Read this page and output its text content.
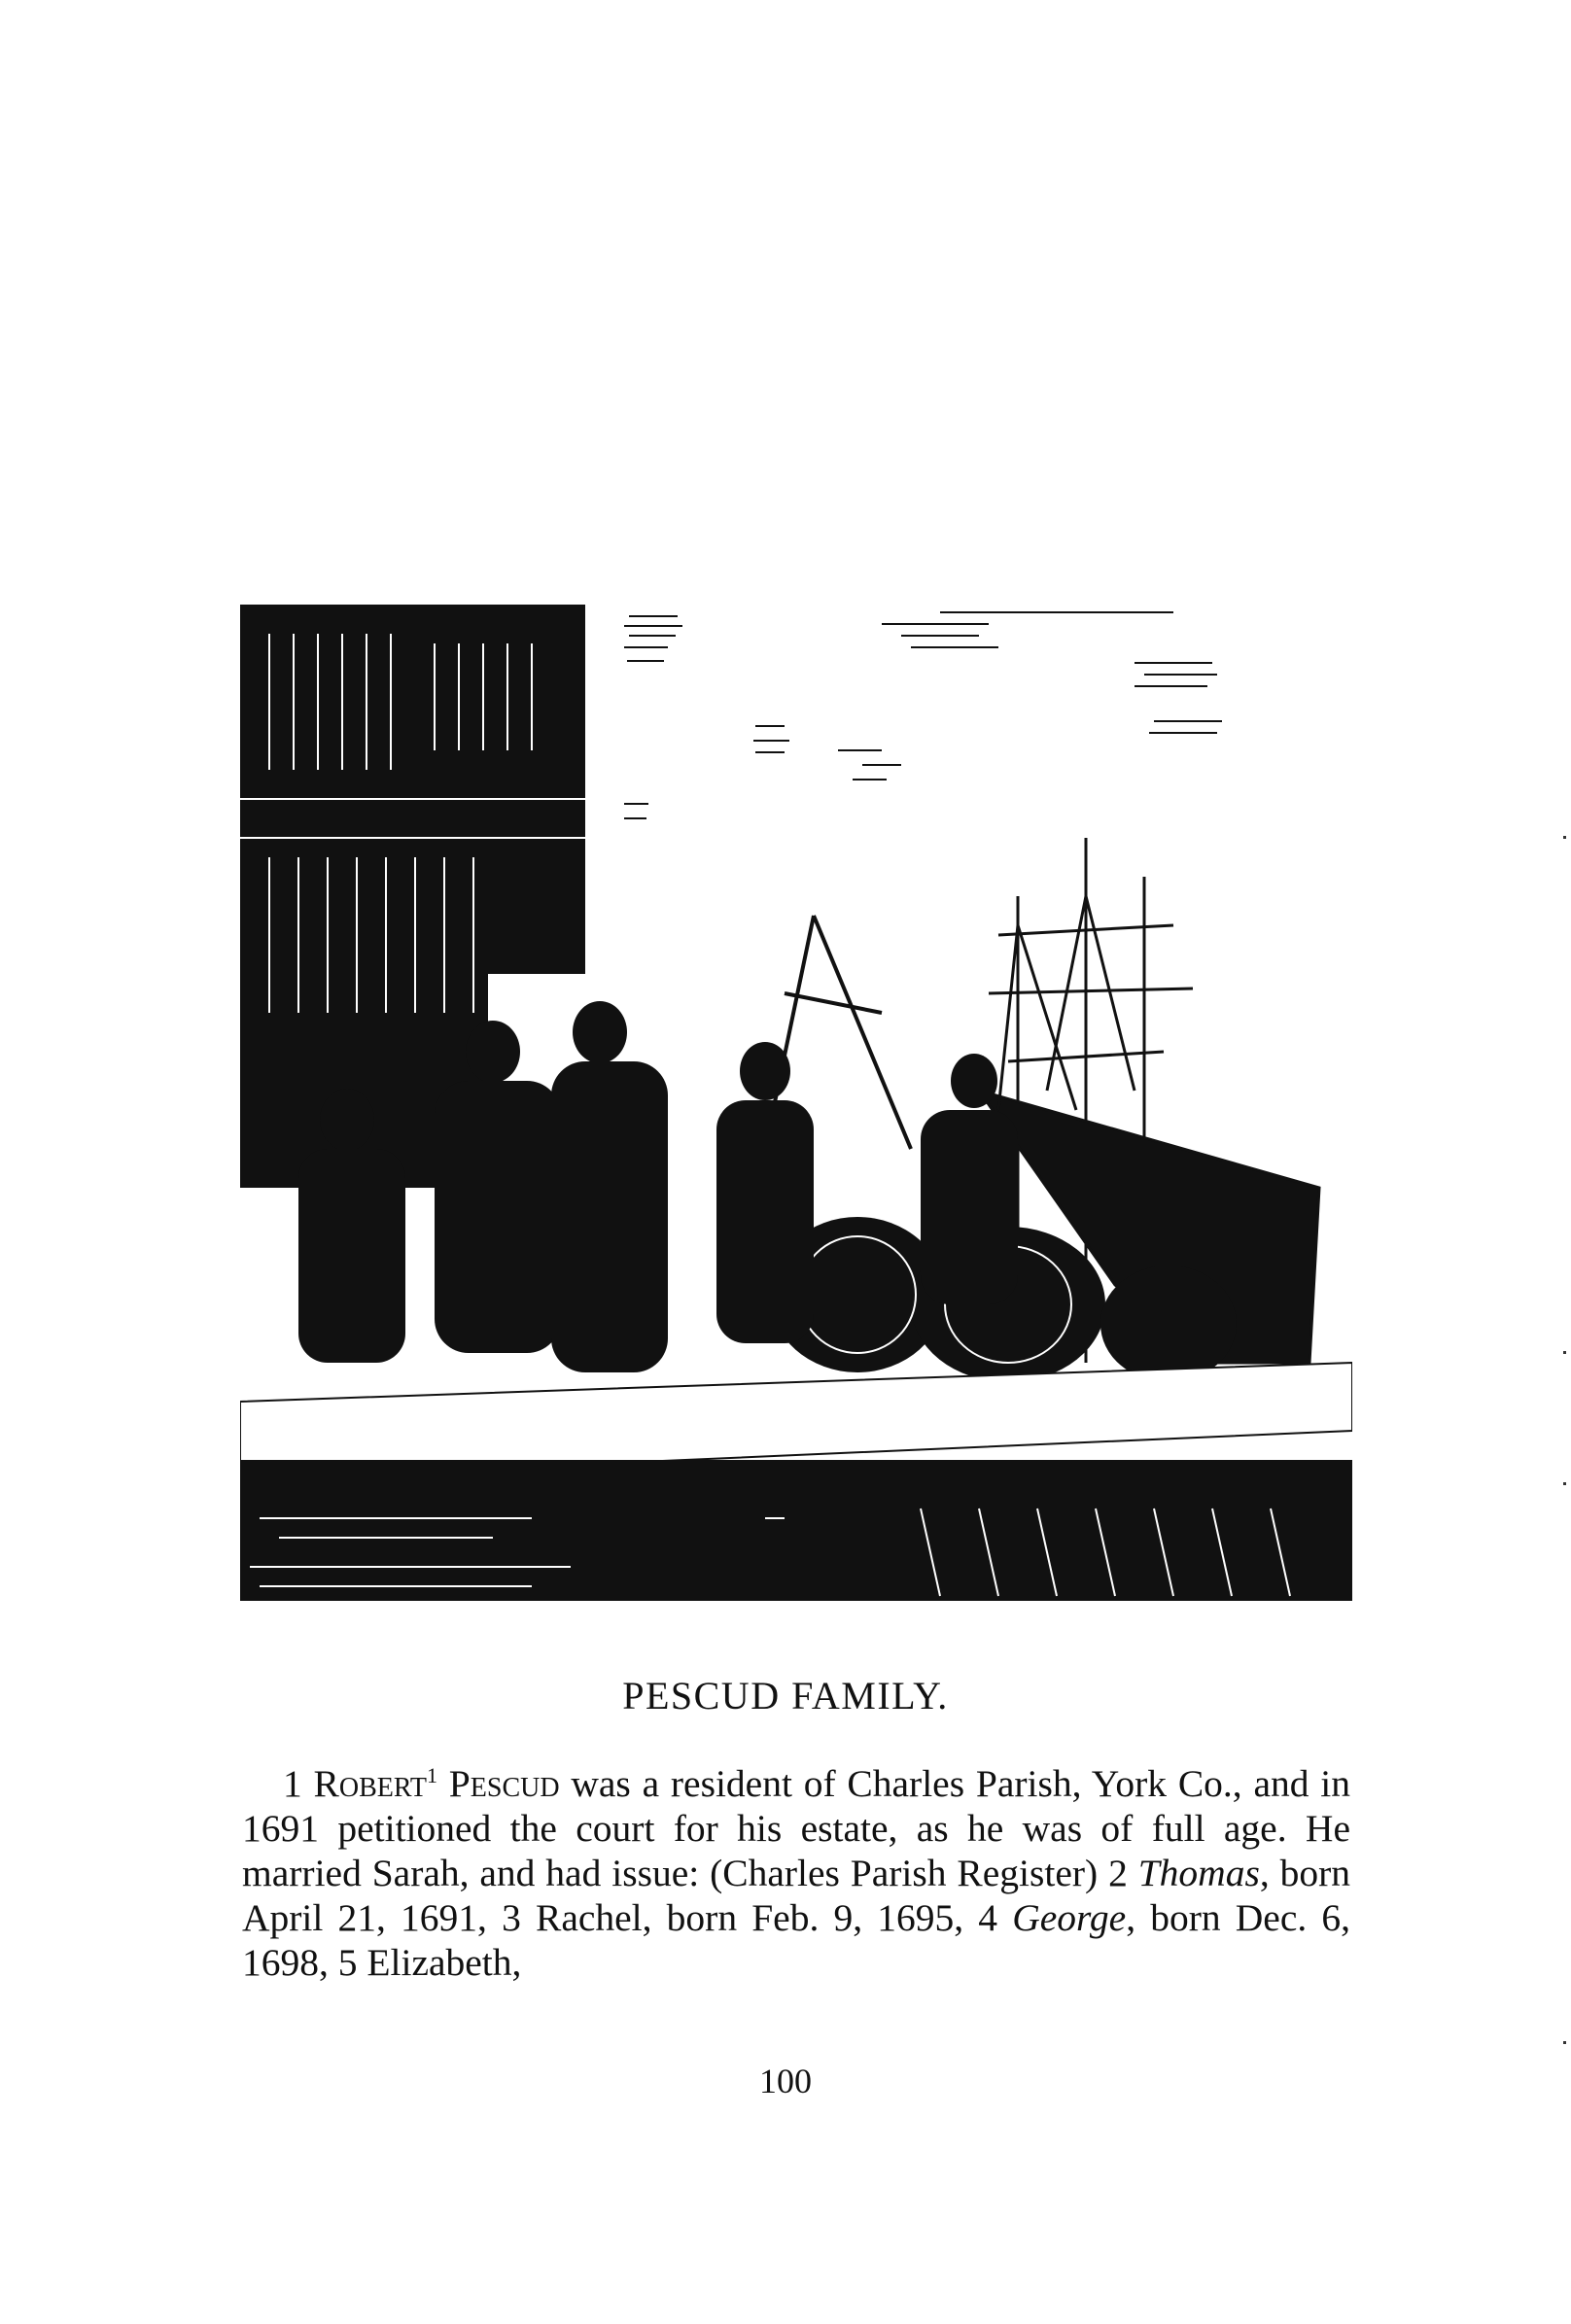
PESCUD FAMILY.

1 Robert$^1$ Pescud was a resident of Charles Parish, York Co., and in 1691 petitioned the court for his estate, as he was of full age. He married Sarah, and had issue: (Charles Parish Register) 2 Thomas, born April 21, 1691, 3 Rachel, born Feb. 9, 1695, 4 George, born Dec. 6, 1698, 5 Elizabeth,

100
